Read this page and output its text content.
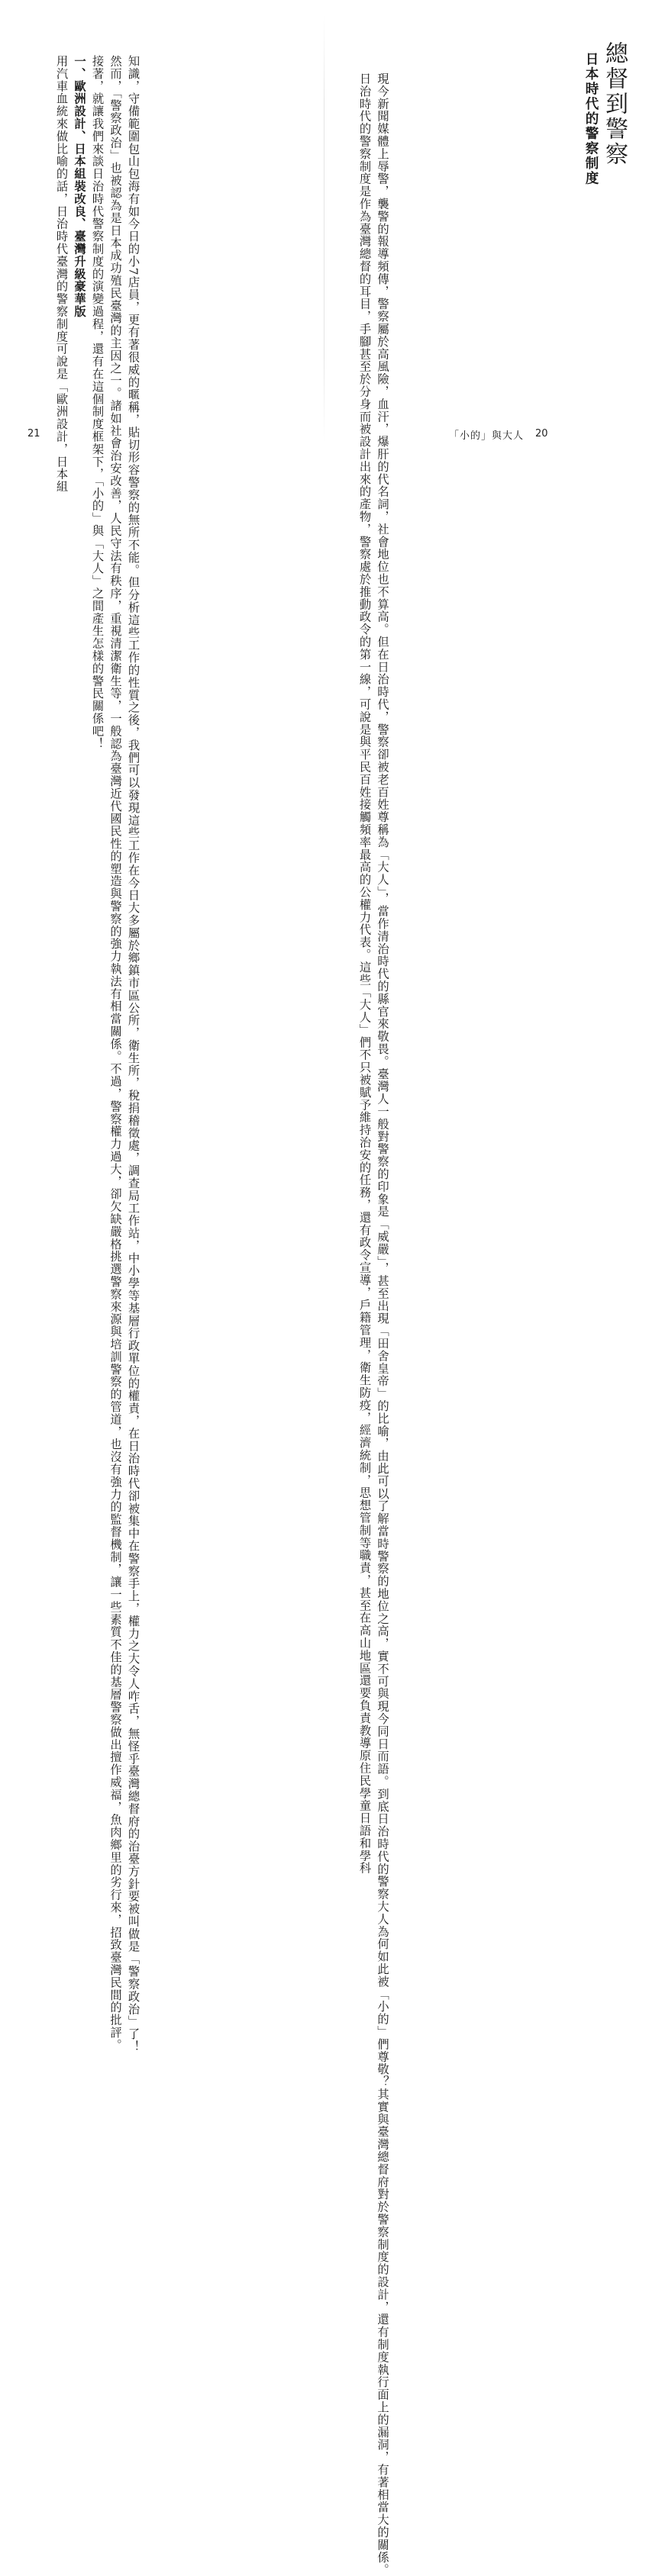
知識，守備範圍包山包海有如今日的小7店員，更有著很威的暱稱，貼切形容警察的無所不能。但分析這些工作的性質之後，我們可以發現這些工作在今日大多屬於鄉鎮市區公所，衛生所，稅捐稽徵處，調查局工作站，中小學等基層行政單位的權責，在日治時代卻被集中在警察手上，權力之大令人咋舌，無怪乎臺灣總督府的治臺方針要被叫做是「警察政治」了！

然而，「警察政治」也被認為是日本成功殖民臺灣的主因之一。諸如社會治安改善，人民守法有秩序，重視清潔衛生等，一般認為臺灣近代國民性的塑造與警察的強力執法有相當關係。不過，警察權力過大，卻欠缺嚴格挑選警察來源與培訓警察的管道，也沒有強力的監督機制，讓一些素質不佳的基層警察做出擅作威福，魚肉鄉里的劣行來，招致臺灣民間的批評。

接著，就讓我們來談日治時代警察制度的演變過程，還有在這個制度框架下，「小的」與「大人」之間產生怎樣的警民關係吧！

一、歐洲設計、日本組裝改良、臺灣升級豪華版

用汽車血統來做比喻的話，日治時代臺灣的警察制度可說是「歐洲設計，日本組

21
總督到警察
日本時代的警察制度

現今新聞媒體上辱警，襲警的報導頻傳，警察屬於高風險，血汗，爆肝的代名詞，社會地位也不算高。但在日治時代，警察卻被老百姓尊稱為「大人」，當作清治時代的縣官來敬畏。臺灣人一般對警察的印象是「威嚴」，甚至出現「田舍皇帝」的比喻，由此可以了解當時警察的地位之高，實不可與現今同日而語。到底日治時代的警察大人為何如此被「小的」們尊敬？其實與臺灣總督府對於警察制度的設計，還有制度執行面上的漏洞，有著相當大的關係。

日治時代的警察制度是作為臺灣總督的耳目，手腳甚至於分身而被設計出來的產物，警察處於推動政令的第一線，可說是與平民百姓接觸頻率最高的公權力代表。這些「大人」們不只被賦予維持治安的任務，還有政令宣導，戶籍管理，衛生防疫，經濟統制，思想管制等職責，甚至在高山地區還要負責教導原住民學童日語和學科	「小的」與大人 20
